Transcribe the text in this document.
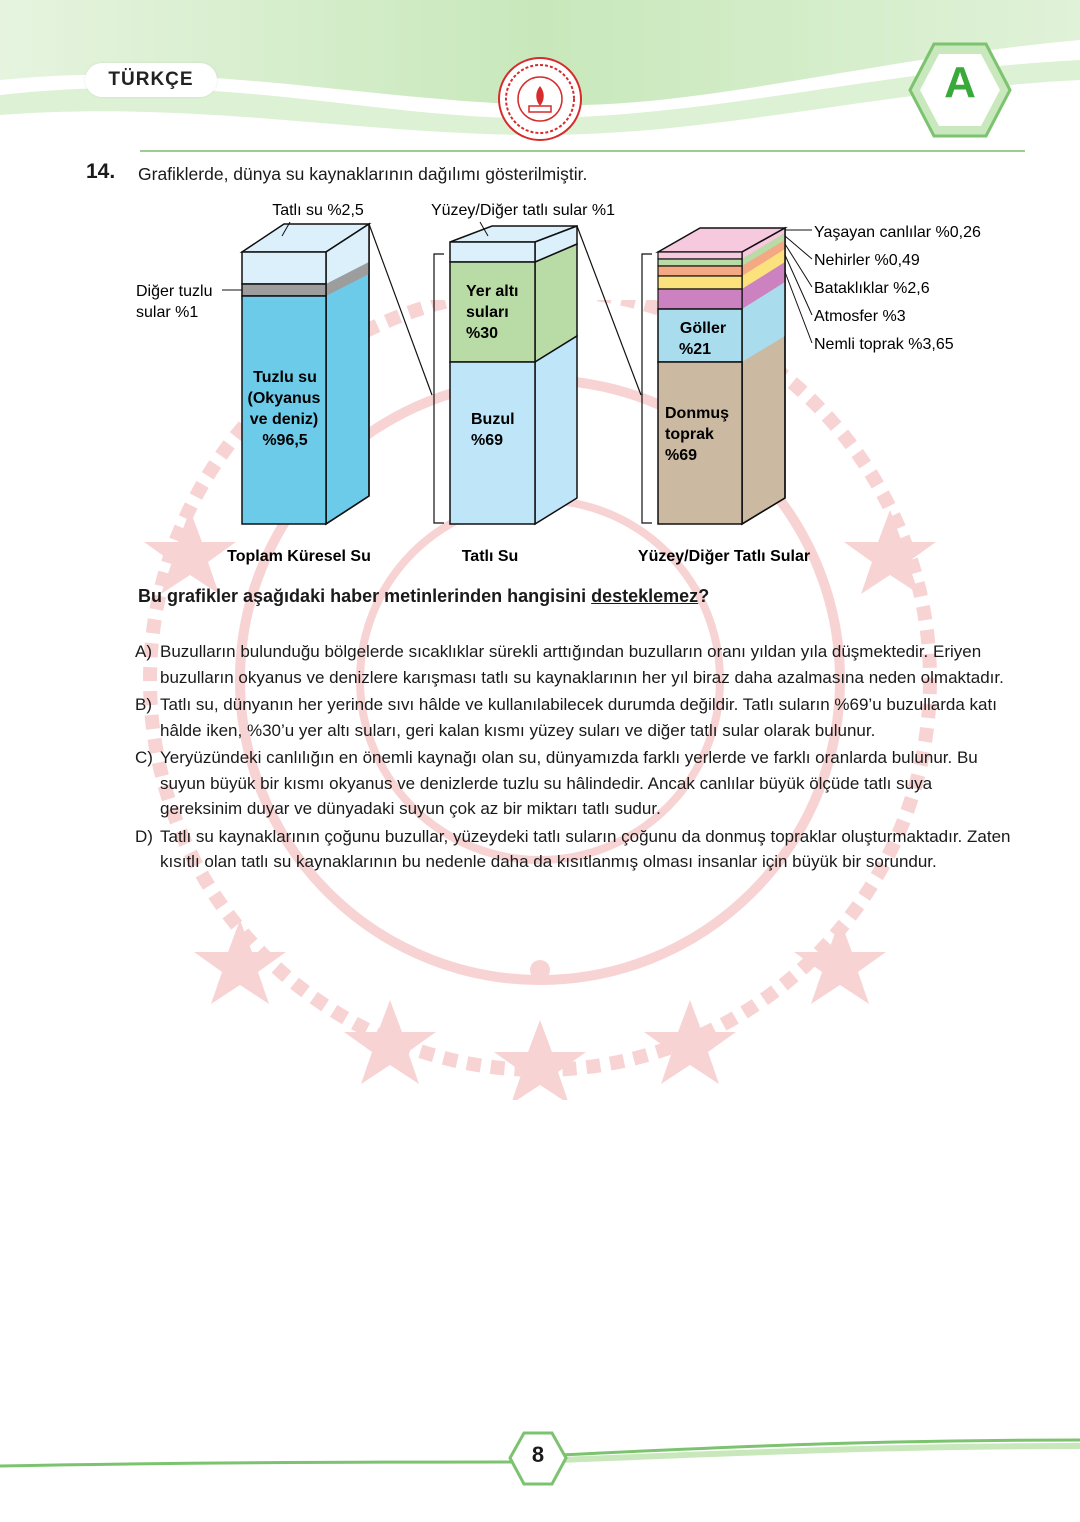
TÜRKÇE	A
14. Grafiklerde, dünya su kaynaklarının dağılımı gösterilmiştir.
Tatlı su %2,5
Diğer tuzlu
sular %1
Tuzlu su
(Okyanus
ve deniz)
%96,5
Toplam Küresel Su
Yüzey/Diğer tatlı sular %1
Yer altı
suları
%30
Buzul
%69
Tatlı Su
Göller
%21
Donmuş
toprak
%69
Yüzey/Diğer Tatlı Sular
Yaşayan canlılar %0,26
Nehirler %0,49
Bataklıklar %2,6
Atmosfer %3
Nemli toprak %3,65
Bu grafikler aşağıdaki haber metinlerinden hangisini desteklemez?
A) Buzulların bulunduğu bölgelerde sıcaklıklar sürekli arttığından buzulların oranı yıldan yıla düşmektedir. Eriyen buzulların okyanus ve denizlere karışması tatlı su kaynaklarının her yıl biraz daha azalmasına neden olmaktadır.
B) Tatlı su, dünyanın her yerinde sıvı hâlde ve kullanılabilecek durumda değildir. Tatlı suların %69’u buzullarda katı hâlde iken, %30’u yer altı suları, geri kalan kısmı yüzey suları ve diğer tatlı sular olarak bulunur.
C) Yeryüzündeki canlılığın en önemli kaynağı olan su, dünyamızda farklı yerlerde ve farklı oranlarda bulunur. Bu suyun büyük bir kısmı okyanus ve denizlerde tuzlu su hâlindedir. Ancak canlılar büyük ölçüde tatlı suya gereksinim duyar ve dünyadaki suyun çok az bir miktarı tatlı sudur.
D) Tatlı su kaynaklarının çoğunu buzullar, yüzeydeki tatlı suların çoğunu da donmuş topraklar oluşturmaktadır. Zaten kısıtlı olan tatlı su kaynaklarının bu nedenle daha da kısıtlanmış olması insanlar için büyük bir sorundur.
8
